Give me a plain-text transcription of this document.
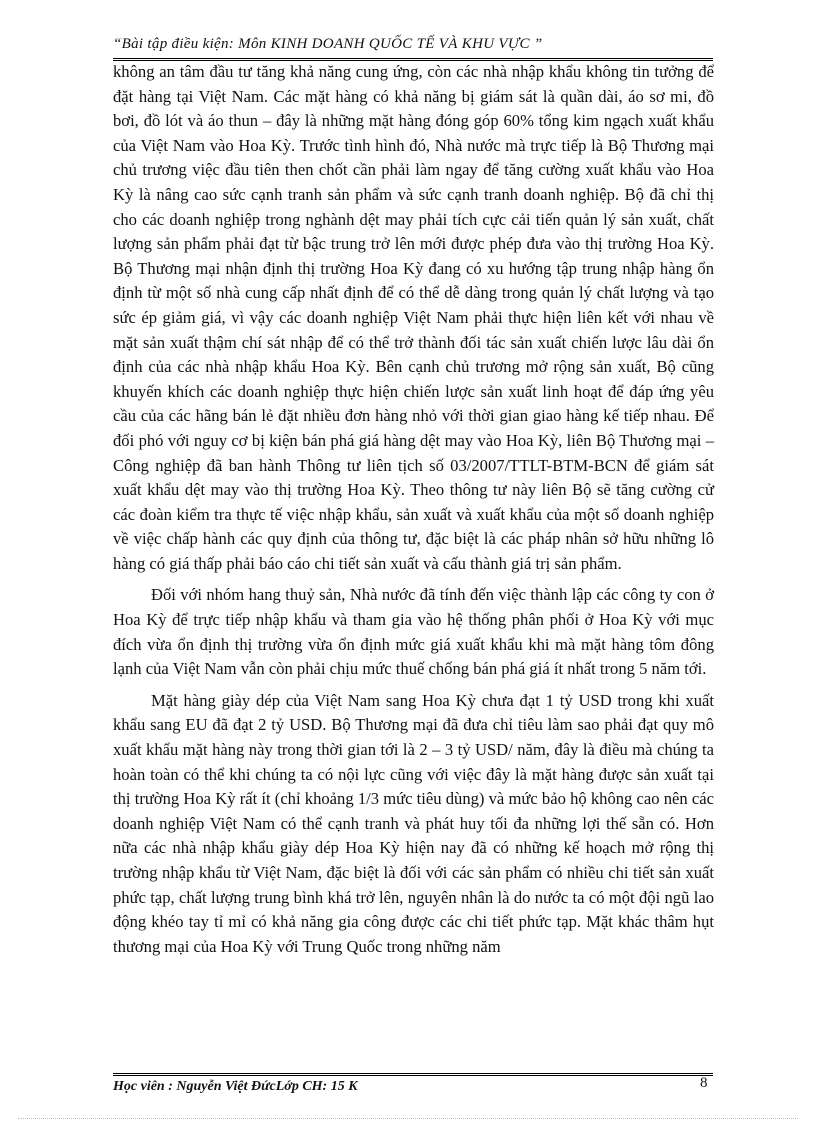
“Bài tập điều kiện: Môn KINH DOANH QUỐC TẾ VÀ KHU VỰC ”

không an tâm đầu tư tăng khả năng cung ứng, còn các nhà nhập khẩu không tin tưởng để đặt hàng tại Việt Nam. Các mặt hàng có khả năng bị giám sát là quần dài, áo sơ mi, đồ bơi, đồ lót và áo thun – đây là những mặt hàng đóng góp 60% tổng kim ngạch xuất khẩu của Việt Nam vào Hoa Kỳ. Trước tình hình đó, Nhà nước mà trực tiếp là Bộ Thương mại chủ trương việc đầu tiên then chốt cần phải làm ngay để tăng cường xuất khẩu vào Hoa Kỳ là nâng cao sức cạnh tranh sản phẩm và sức cạnh tranh doanh nghiệp. Bộ đã chỉ thị cho các doanh nghiệp trong nghành dệt may phải tích cực cải tiến quản lý sản xuất, chất lượng sản phẩm phải đạt từ bậc trung trở lên mới được phép đưa vào thị trường Hoa Kỳ. Bộ Thương mại nhận định thị trường Hoa Kỳ đang có xu hướng tập trung nhập hàng ổn định từ một số nhà cung cấp nhất định để có thể dễ dàng trong quản lý chất lượng và tạo sức ép giảm giá, vì vậy các doanh nghiệp Việt Nam phải thực hiện liên kết với nhau về mặt sản xuất thậm chí sát nhập để có thể trở thành đối tác sản xuất chiến lược lâu dài ổn định của các nhà nhập khẩu Hoa Kỳ. Bên cạnh chủ trương mở rộng sản xuất, Bộ cũng khuyến khích các doanh nghiệp thực hiện chiến lược sản xuất linh hoạt để đáp ứng yêu cầu của các hãng bán lẻ đặt nhiều đơn hàng nhỏ với thời gian giao hàng kế tiếp nhau. Để đối phó với nguy cơ bị kiện bán phá giá hàng dệt may vào Hoa Kỳ, liên Bộ Thương mại – Công nghiệp đã ban hành Thông tư liên tịch số 03/2007/TTLT-BTM-BCN để giám sát xuất khẩu dệt may vào thị trường Hoa Kỳ. Theo thông tư này liên Bộ sẽ tăng cường cử các đoàn kiểm tra thực tế việc nhập khẩu, sản xuất và xuất khẩu của một số doanh nghiệp về việc chấp hành các quy định của thông tư, đặc biệt là các pháp nhân sở hữu những lô hàng có giá thấp phải báo cáo chi tiết sản xuất và cấu thành giá trị sản phẩm.

Đối với nhóm hang thuỷ sản, Nhà nước đã tính đến việc thành lập các công ty con ở Hoa Kỳ để trực tiếp nhập khẩu và tham gia vào hệ thống phân phối ở Hoa Kỳ với mục đích vừa ổn định thị trường vừa ổn định mức giá xuất khẩu khi mà mặt hàng tôm đông lạnh của Việt Nam vẫn còn phải chịu mức thuế chống bán phá giá ít nhất trong 5 năm tới.

Mặt hàng giày dép của Việt Nam sang Hoa Kỳ chưa đạt 1 tỷ USD trong khi xuất khẩu sang EU đã đạt 2 tỷ USD. Bộ Thương mại đã đưa chỉ tiêu làm sao phải đạt quy mô xuất khẩu mặt hàng này trong thời gian tới là 2 – 3 tỷ USD/ năm, đây là điều mà chúng ta hoàn toàn có thể khi chúng ta có nội lực cũng với việc đây là mặt hàng được sản xuất tại thị trường Hoa Kỳ rất ít (chỉ khoảng 1/3 mức tiêu dùng) và mức bảo hộ không cao nên các doanh nghiệp Việt Nam có thể cạnh tranh và phát huy tối đa những lợi thế sẵn có. Hơn nữa các nhà nhập khẩu giày dép Hoa Kỳ hiện nay đã có những kế hoạch mở rộng thị trường nhập khẩu từ Việt Nam, đặc biệt là đối với các sản phẩm có nhiều chi tiết sản xuất phức tạp, chất lượng trung bình khá trở lên, nguyên nhân là do nước ta có một đội ngũ lao động khéo tay tỉ mỉ có khả năng gia công được các chi tiết phức tạp. Mặt khác thâm hụt thương mại của Hoa Kỳ với Trung Quốc trong những năm

Học viên : Nguyễn Việt ĐứcLớp CH: 15 K	8
